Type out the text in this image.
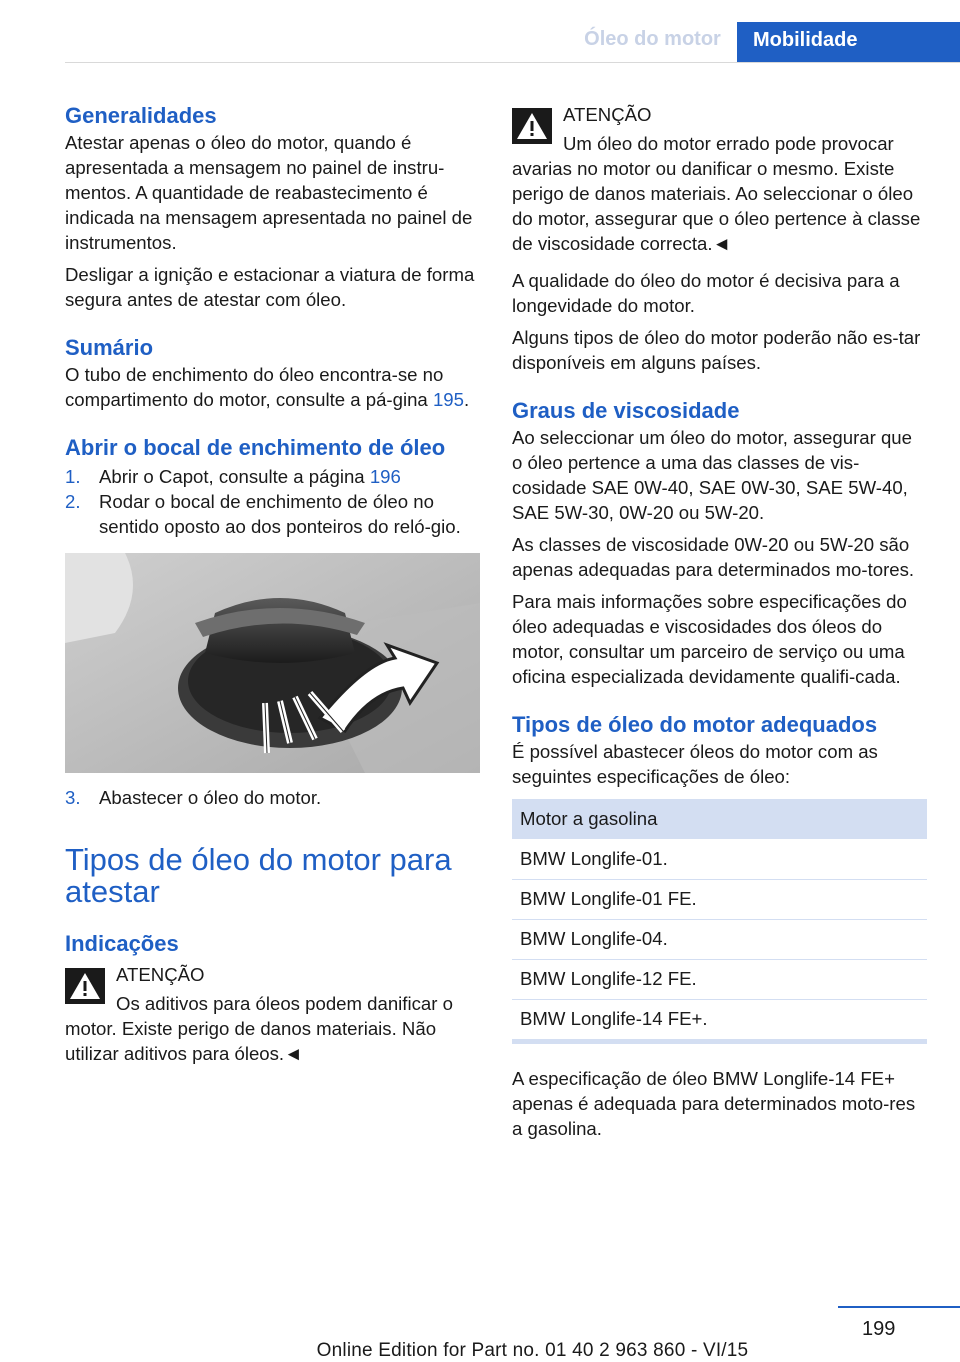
Óleo do motor	Mobilidade
Generalidades

Atestar apenas o óleo do motor, quando é apresentada a mensagem no painel de instru-mentos. A quantidade de reabastecimento é indicada na mensagem apresentada no painel de instrumentos.

Desligar a ignição e estacionar a viatura de forma segura antes de atestar com óleo.

Sumário

O tubo de enchimento do óleo encontra-se no compartimento do motor, consulte a pá-gina 195.

Abrir o bocal de enchimento de óleo
1. Abrir o Capot, consulte a página 196
2. Rodar o bocal de enchimento de óleo no sentido oposto ao dos ponteiros do reló-gio.
3. Abastecer o óleo do motor.
Tipos de óleo do motor para atestar
Indicações
ATENÇÃO
Os aditivos para óleos podem danificar o motor. Existe perigo de danos materiais. Não utilizar aditivos para óleos.◄
ATENÇÃO
Um óleo do motor errado pode provocar avarias no motor ou danificar o mesmo. Existe perigo de danos materiais. Ao seleccionar o óleo do motor, assegurar que o óleo pertence à classe de viscosidade correcta.◄

A qualidade do óleo do motor é decisiva para a longevidade do motor.

Alguns tipos de óleo do motor poderão não es-tar disponíveis em alguns países.

Graus de viscosidade

Ao seleccionar um óleo do motor, assegurar que o óleo pertence a uma das classes de vis-cosidade SAE 0W-40, SAE 0W-30, SAE 5W-40, SAE 5W-30, 0W-20 ou 5W-20.

As classes de viscosidade 0W-20 ou 5W-20 são apenas adequadas para determinados mo-tores.

Para mais informações sobre especificações do óleo adequadas e viscosidades dos óleos do motor, consultar um parceiro de serviço ou uma oficina especializada devidamente qualifi-cada.

Tipos de óleo do motor adequados

É possível abastecer óleos do motor com as seguintes especificações de óleo:

Motor a gasolina
BMW Longlife-01.
BMW Longlife-01 FE.
BMW Longlife-04.
BMW Longlife-12 FE.
BMW Longlife-14 FE+.

A especificação de óleo BMW Longlife-14 FE+ apenas é adequada para determinados moto-res a gasolina.

199
Online Edition for Part no. 01 40 2 963 860 - VI/15
